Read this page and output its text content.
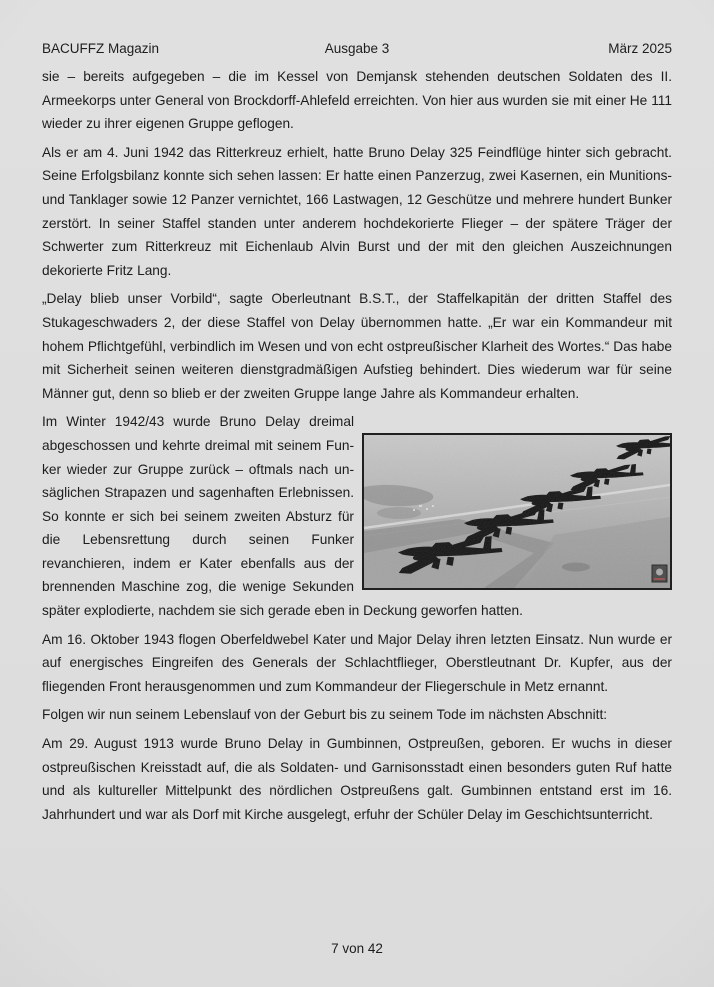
BACUFFZ Magazin	Ausgabe 3	März 2025

sie – bereits aufgegeben – die im Kessel von Demjansk stehenden deutschen Soldaten des II. Armeekorps unter General von Brockdorff-Ahlefeld erreichten. Von hier aus wurden sie mit einer He 111 wieder zu ihrer eigenen Gruppe geflogen.

Als er am 4. Juni 1942 das Ritterkreuz erhielt, hatte Bruno Delay 325 Feindflüge hinter sich gebracht. Seine Erfolgsbilanz konnte sich sehen lassen: Er hatte einen Panzerzug, zwei Kasernen, ein Munitions- und Tanklager sowie 12 Panzer vernichtet, 166 Lastwagen, 12 Geschütze und mehrere hundert Bunker zerstört. In seiner Staffel standen unter anderem hochdekorierte Flieger – der spätere Träger der Schwerter zum Ritterkreuz mit Eichenlaub Alvin Burst und der mit den gleichen Auszeichnungen dekorierte Fritz Lang.

„Delay blieb unser Vorbild“, sagte Oberleutnant B.S.T., der Staffelkapitän der dritten Staffel des Stukageschwaders 2, der diese Staffel von Delay übernommen hatte. „Er war ein Kommandeur mit hohem Pflichtgefühl, verbindlich im Wesen und von echt ostpreußischer Klarheit des Wortes.“ Das habe mit Sicherheit seinen weiteren dienstgradmäßigen Aufstieg behindert. Dies wiederum war für seine Männer gut, denn so blieb er der zweiten Gruppe lange Jahre als Kommandeur erhalten.

Im Winter 1942/43 wurde Bruno Delay dreimal abgeschossen und kehrte dreimal mit seinem Funker wieder zur Gruppe zurück – oftmals nach unsäglichen Strapazen und sagenhaften Erlebnissen. So konnte er sich bei seinem zweiten Absturz für die Lebensrettung durch seinen Funker revanchieren, indem er Kater ebenfalls aus der brennenden Maschine zog, die wenige Sekunden später explodierte, nachdem sie sich gerade eben in Deckung geworfen hatten.

Am 16. Oktober 1943 flogen Oberfeldwebel Kater und Major Delay ihren letzten Einsatz. Nun wurde er auf energisches Eingreifen des Generals der Schlachtflieger, Oberstleutnant Dr. Kupfer, aus der fliegenden Front herausgenommen und zum Kommandeur der Fliegerschule in Metz ernannt.

Folgen wir nun seinem Lebenslauf von der Geburt bis zu seinem Tode im nächsten Abschnitt:

Am 29. August 1913 wurde Bruno Delay in Gumbinnen, Ostpreußen, geboren. Er wuchs in dieser ostpreußischen Kreisstadt auf, die als Soldaten- und Garnisonsstadt einen besonders guten Ruf hatte und als kultureller Mittelpunkt des nördlichen Ostpreußens galt. Gumbinnen entstand erst im 16. Jahrhundert und war als Dorf mit Kirche ausgelegt, erfuhr der Schüler Delay im Geschichtsunterricht.

7 von 42
